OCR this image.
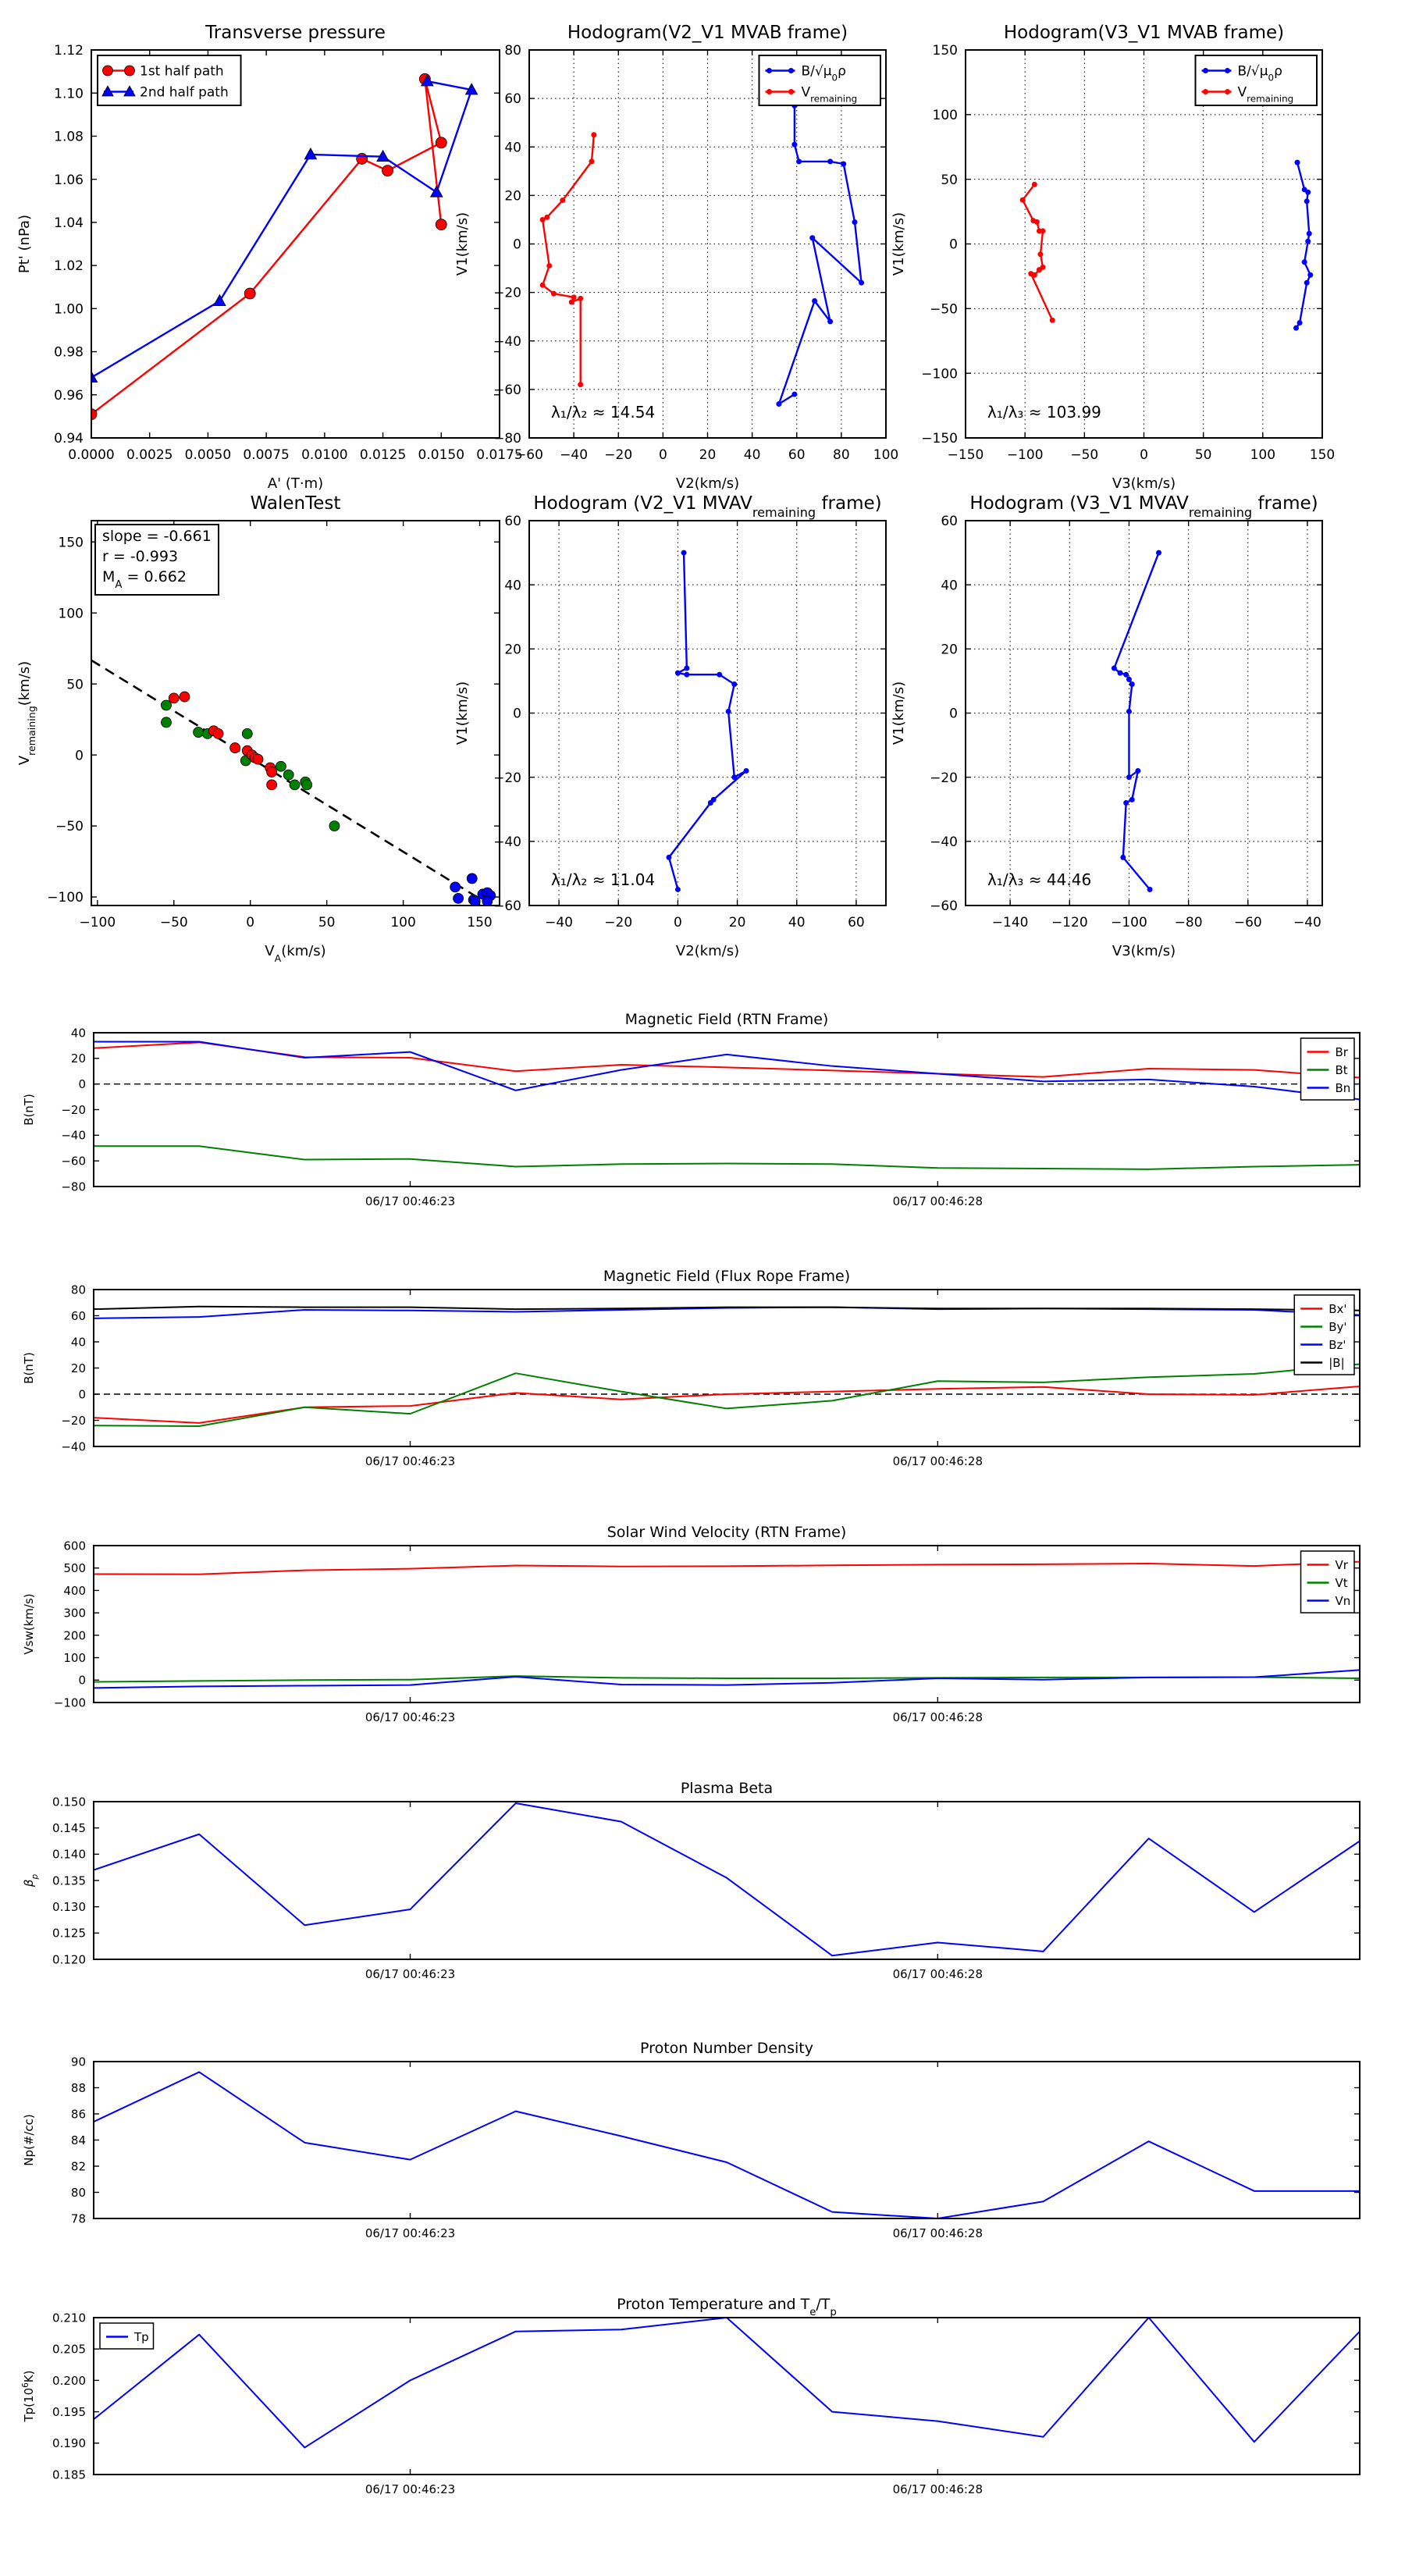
0.0000 0.0025 0.0050 0.0075 0.0100 0.0125 0.0150 0.0175
0.94
0.96
0.98
1.00
1.02
1.04
1.06
1.08
1.10
1.12
Transverse pressure
A' (T·m)
Pt' (nPa)
1st half path
2nd half path
−60 −40 −20 0 20 40 60 80 100
−80
−60
−40
−20
0
20
40
60
80
Hodogram(V2_V1 MVAB frame)
V2(km/s)
V1(km/s)
λ₁/λ₂ ≈ 14.54
$B/√\mu_0\rho$
$V_{remaining}$
−150 −100 −50	0	50	100	150
−150
−100
−50
0
50
100
150
Hodogram(V3_V1 MVAB frame)
V3(km/s)
V1(km/s)
λ₁/λ₃ ≈ 103.99
$B/√\mu_0\rho$
$V_{remaining}$
−100	−50	0	50	100	150
−100
−50
0
50
100
150
WalenTest
$V_A(km/s)$
$V_{remaining}(km/s)$
slope = -0.661
r = -0.993
$M_A = 0.662$
−40 −20	0	20	40	60
−60
−40
−20
0
20
40
60
Hodogram (V2_V1 $MVAV_{remaining}$ frame)
V2(km/s)
V1(km/s)
λ₁/λ₂ ≈ 11.04
−140 −120 −100 −80 −60 −40
−60
−40
−20
0
20
40
60
Hodogram (V3_V1 $MVAV_{remaining}$ frame)
V3(km/s)
V1(km/s)
λ₁/λ₃ ≈ 44.46
06/17 00:46:23	06/17 00:46:28
−80
−60
−40
−20
0
20
40
Magnetic Field (RTN Frame)
B(nT)
Br
Bt
Bn
06/17 00:46:23	06/17 00:46:28
−40
−20
0
20
40
60
80
Magnetic Field (Flux Rope Frame)
B(nT)
Bx'
By'
Bz'
|B|
06/17 00:46:23	06/17 00:46:28
−100
0
100
200
300
400
500
600
Solar Wind Velocity (RTN Frame)
Vsw(km/s)
Vr
Vt
Vn
06/17 00:46:23	06/17 00:46:28
0.120
0.125
0.130
0.135
0.140
0.145
0.150
Plasma Beta
$\beta_p$
06/17 00:46:23	06/17 00:46:28
78
80
82
84
86
88
90
Proton Number Density
Np(#/cc)
06/17 00:46:23	06/17 00:46:28
0.185
0.190
0.195
0.200
0.205
0.210
Proton Temperature and $T_e/T_p$
$Tp(10^6K)$
Tp
